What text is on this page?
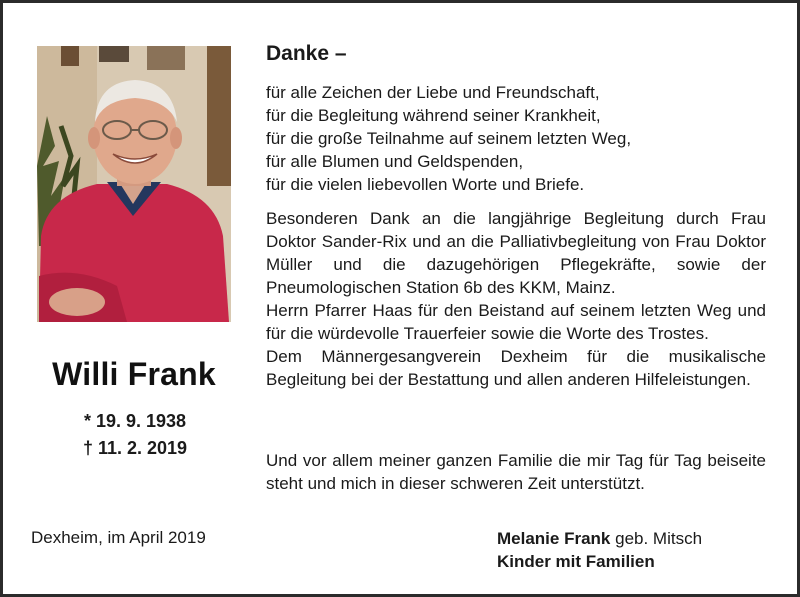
Willi Frank
* 19. 9. 1938
† 11. 2. 2019
Dexheim, im April 2019
Danke –

für alle Zeichen der Liebe und Freundschaft,

für die Begleitung während seiner Krankheit,

für die große Teilnahme auf seinem letzten Weg,

für alle Blumen und Geldspenden,

für die vielen liebevollen Worte und Briefe.

Besonderen Dank an die langjährige Begleitung durch Frau Doktor Sander-Rix und an die Palliativbegleitung von Frau Doktor Müller und die dazugehörigen Pflegekräfte, sowie der Pneumologischen Station 6b des KKM, Mainz.

Herrn Pfarrer Haas für den Beistand auf seinem letzten Weg und für die würdevolle Trauerfeier sowie die Worte des Trostes.

Dem Männergesangverein Dexheim für die musikalische Begleitung bei der Bestattung und allen anderen Hilfeleistungen.

Und vor allem meiner ganzen Familie die mir Tag für Tag beiseite steht und mich in dieser schweren Zeit unterstützt.

Melanie Frank geb. Mitsch
Kinder mit Familien
